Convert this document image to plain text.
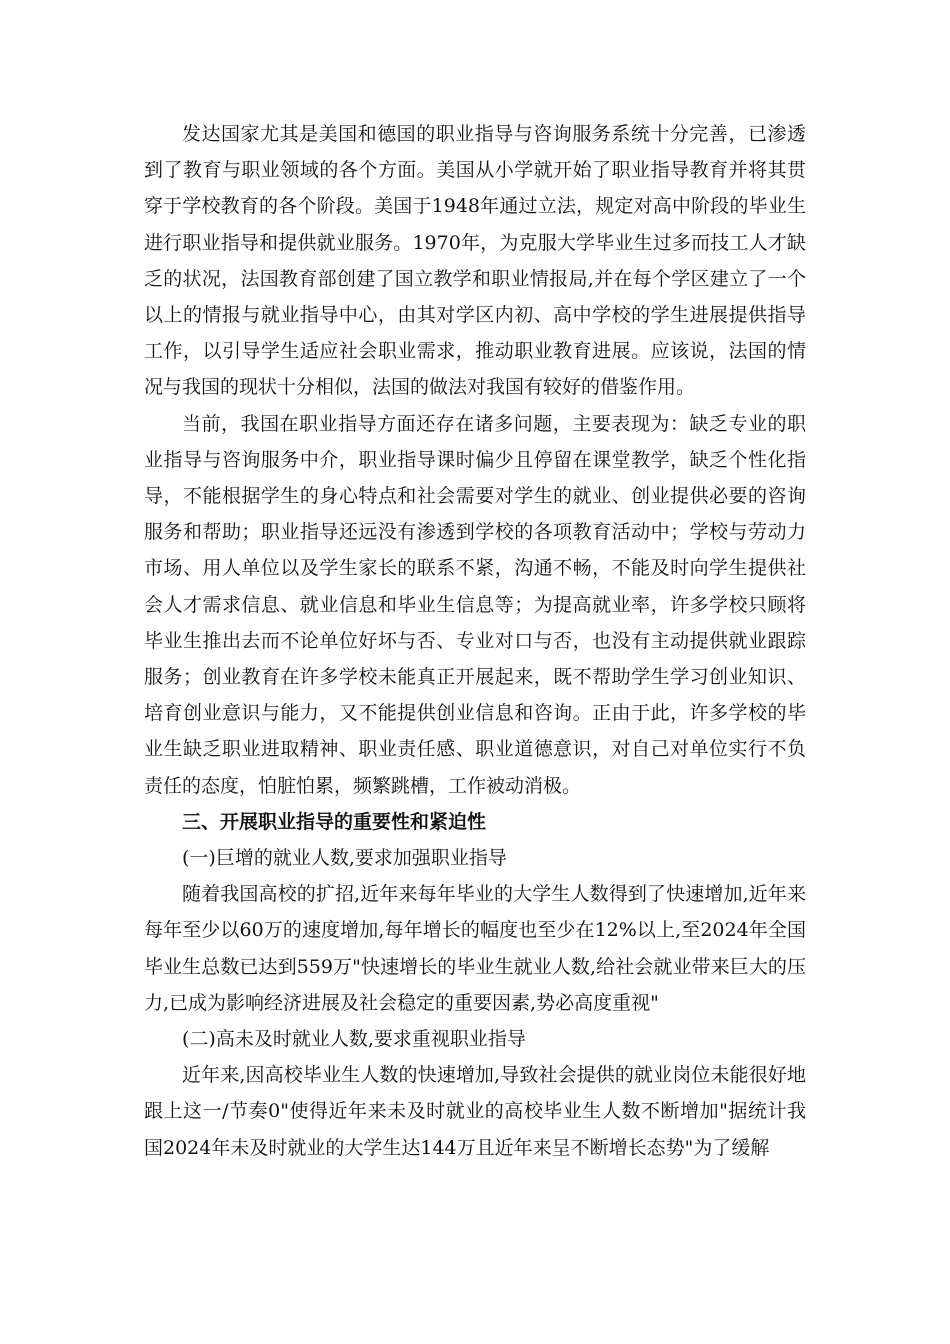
发达国家尤其是美国和德国的职业指导与咨询服务系统十分完善，已渗透到了教育与职业领域的各个方面。美国从小学就开始了职业指导教育并将其贯穿于学校教育的各个阶段。美国于1948年通过立法，规定对高中阶段的毕业生进行职业指导和提供就业服务。1970年，为克服大学毕业生过多而技工人才缺乏的状况，法国教育部创建了国立教学和职业情报局,并在每个学区建立了一个以上的情报与就业指导中心，由其对学区内初、高中学校的学生进展提供指导工作，以引导学生适应社会职业需求，推动职业教育进展。应该说，法国的情况与我国的现状十分相似，法国的做法对我国有较好的借鉴作用。

当前，我国在职业指导方面还存在诸多问题，主要表现为：缺乏专业的职业指导与咨询服务中介，职业指导课时偏少且停留在课堂教学，缺乏个性化指导，不能根据学生的身心特点和社会需要对学生的就业、创业提供必要的咨询服务和帮助；职业指导还远没有渗透到学校的各项教育活动中；学校与劳动力市场、用人单位以及学生家长的联系不紧，沟通不畅，不能及时向学生提供社会人才需求信息、就业信息和毕业生信息等；为提高就业率，许多学校只顾将毕业生推出去而不论单位好坏与否、专业对口与否，也没有主动提供就业跟踪服务；创业教育在许多学校未能真正开展起来，既不帮助学生学习创业知识、培育创业意识与能力，又不能提供创业信息和咨询。正由于此，许多学校的毕业生缺乏职业进取精神、职业责任感、职业道德意识，对自己对单位实行不负责任的态度，怕脏怕累，频繁跳槽，工作被动消极。

三、开展职业指导的重要性和紧迫性

(一)巨增的就业人数,要求加强职业指导

随着我国高校的扩招,近年来每年毕业的大学生人数得到了快速增加,近年来每年至少以60万的速度增加,每年增长的幅度也至少在12%以上,至2024年全国毕业生总数已达到559万"快速增长的毕业生就业人数,给社会就业带来巨大的压力,已成为影响经济进展及社会稳定的重要因素,势必高度重视"

(二)高未及时就业人数,要求重视职业指导

近年来,因高校毕业生人数的快速增加,导致社会提供的就业岗位未能很好地跟上这一/节奏0"使得近年来未及时就业的高校毕业生人数不断增加"据统计我国2024年未及时就业的大学生达144万且近年来呈不断增长态势"为了缓解
